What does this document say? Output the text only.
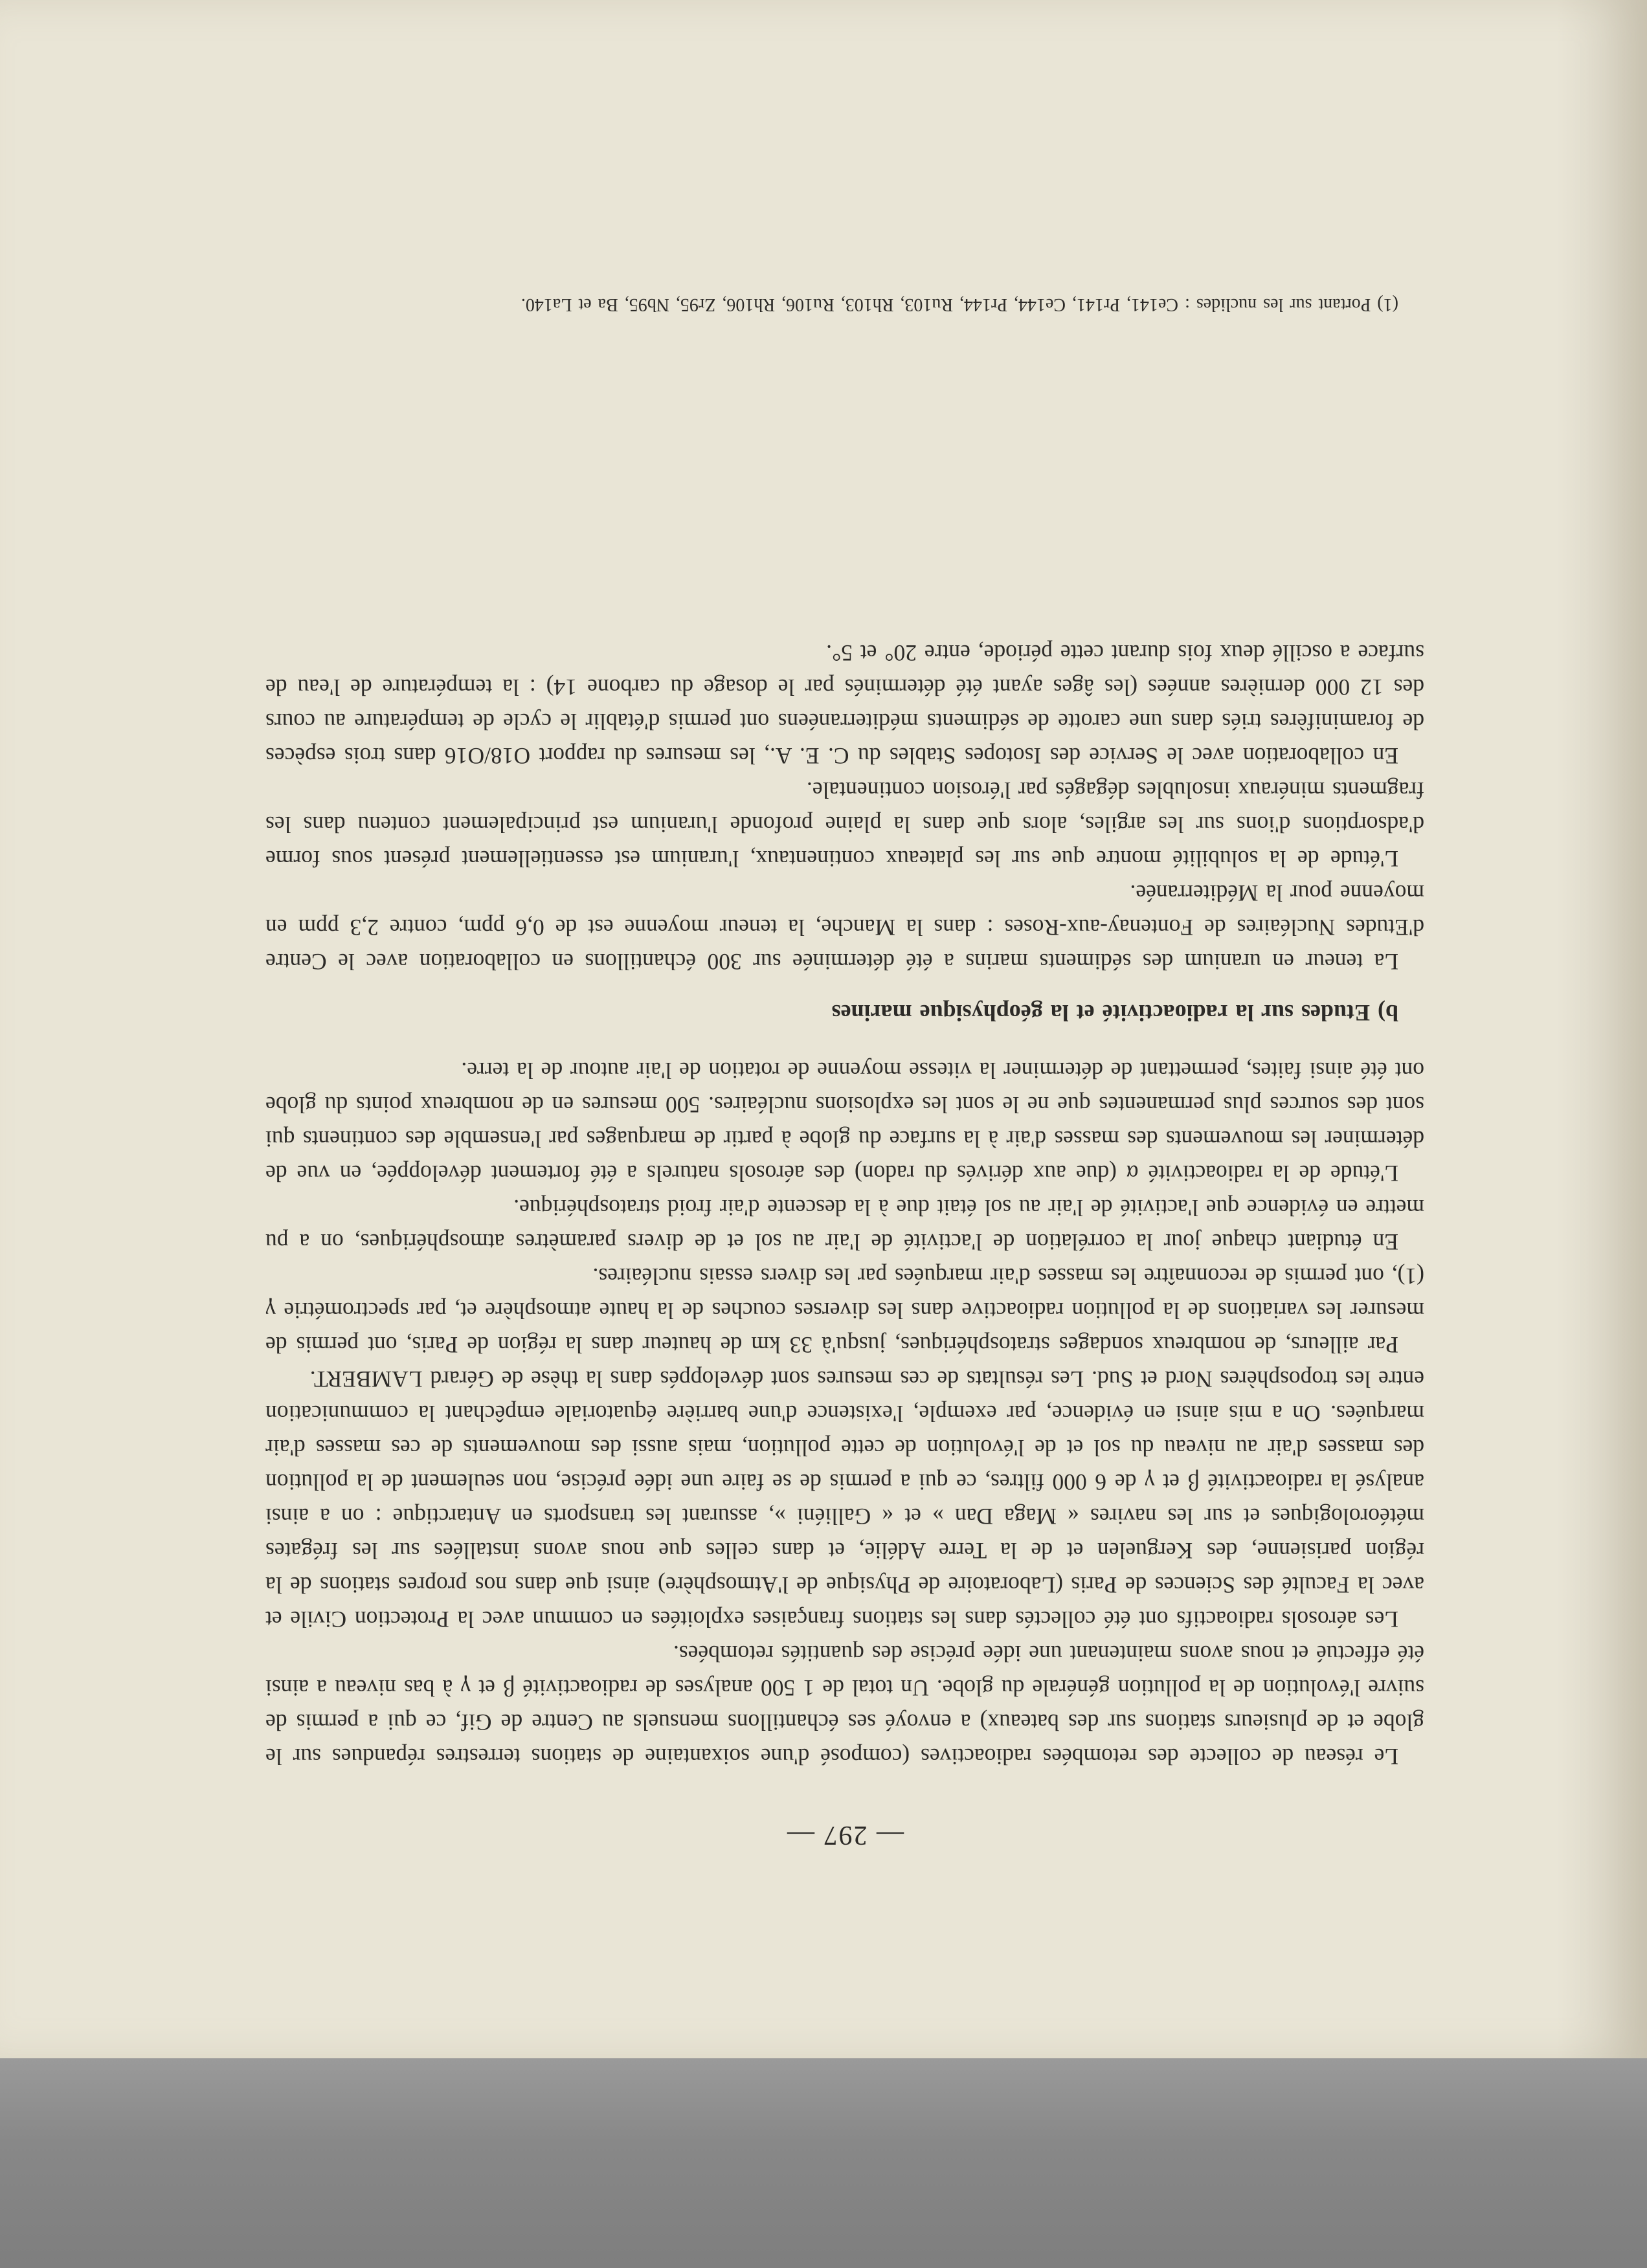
— 297 —

Le réseau de collecte des retombées radioactives (composé d'une soixantaine de stations terrestres répandues sur le globe et de plusieurs stations sur des bateaux) a envoyé ses échantillons mensuels au Centre de Gif, ce qui a permis de suivre l'évolution de la pollution générale du globe. Un total de 1 500 analyses de radioactivité β et γ à bas niveau a ainsi été effectué et nous avons maintenant une idée précise des quantités retombées.

Les aérosols radioactifs ont été collectés dans les stations françaises exploitées en commun avec la Protection Civile et avec la Faculté des Sciences de Paris (Laboratoire de Physique de l'Atmosphère) ainsi que dans nos propres stations de la région parisienne, des Kerguelen et de la Terre Adélie, et dans celles que nous avons installées sur les frégates météorologiques et sur les navires « Maga Dan » et « Galliéni », assurant les transports en Antarctique : on a ainsi analysé la radioactivité β et γ de 6 000 filtres, ce qui a permis de se faire une idée précise, non seulement de la pollution des masses d'air au niveau du sol et de l'évolution de cette pollution, mais aussi des mouvements de ces masses d'air marquées. On a mis ainsi en évidence, par exemple, l'existence d'une barrière équatoriale empêchant la communication entre les troposphères Nord et Sud. Les résultats de ces mesures sont développés dans la thèse de Gérard LAMBERT.

Par ailleurs, de nombreux sondages stratosphériques, jusqu'à 33 km de hauteur dans la région de Paris, ont permis de mesurer les variations de la pollution radioactive dans les diverses couches de la haute atmosphère et, par spectrométrie γ (1), ont permis de reconnaître les masses d'air marquées par les divers essais nucléaires.

En étudiant chaque jour la corrélation de l'activité de l'air au sol et de divers paramètres atmosphériques, on a pu mettre en évidence que l'activité de l'air au sol était due à la descente d'air froid stratosphérique.

L'étude de la radioactivité α (due aux dérivés du radon) des aérosols naturels a été fortement développée, en vue de déterminer les mouvements des masses d'air à la surface du globe à partir de marquages par l'ensemble des continents qui sont des sources plus permanentes que ne le sont les explosions nucléaires. 500 mesures en de nombreux points du globe ont été ainsi faites, permettant de déterminer la vitesse moyenne de rotation de l'air autour de la terre.

b) Etudes sur la radioactivité et la géophysique marines

La teneur en uranium des sédiments marins a été déterminée sur 300 échantillons en collaboration avec le Centre d'Etudes Nucléaires de Fontenay-aux-Roses : dans la Manche, la teneur moyenne est de 0,6 ppm, contre 2,3 ppm en moyenne pour la Méditerranée.

L'étude de la solubilité montre que sur les plateaux continentaux, l'uranium est essentiellement présent sous forme d'adsorptions d'ions sur les argiles, alors que dans la plaine profonde l'uranium est principalement contenu dans les fragments minéraux insolubles dégagés par l'érosion continentale.

En collaboration avec le Service des Isotopes Stables du C. E. A., les mesures du rapport O18/O16 dans trois espèces de foraminifères triés dans une carotte de sédiments méditerranéens ont permis d'établir le cycle de température au cours des 12 000 dernières années (les âges ayant été déterminés par le dosage du carbone 14) : la température de l'eau de surface a oscillé deux fois durant cette période, entre 20° et 5°.

(1) Portant sur les nuclides : Ce141, Pr141, Ce144, Pr144, Ru103, Rh103, Ru106, Rh106, Zr95, Nb95, Ba et La140.
